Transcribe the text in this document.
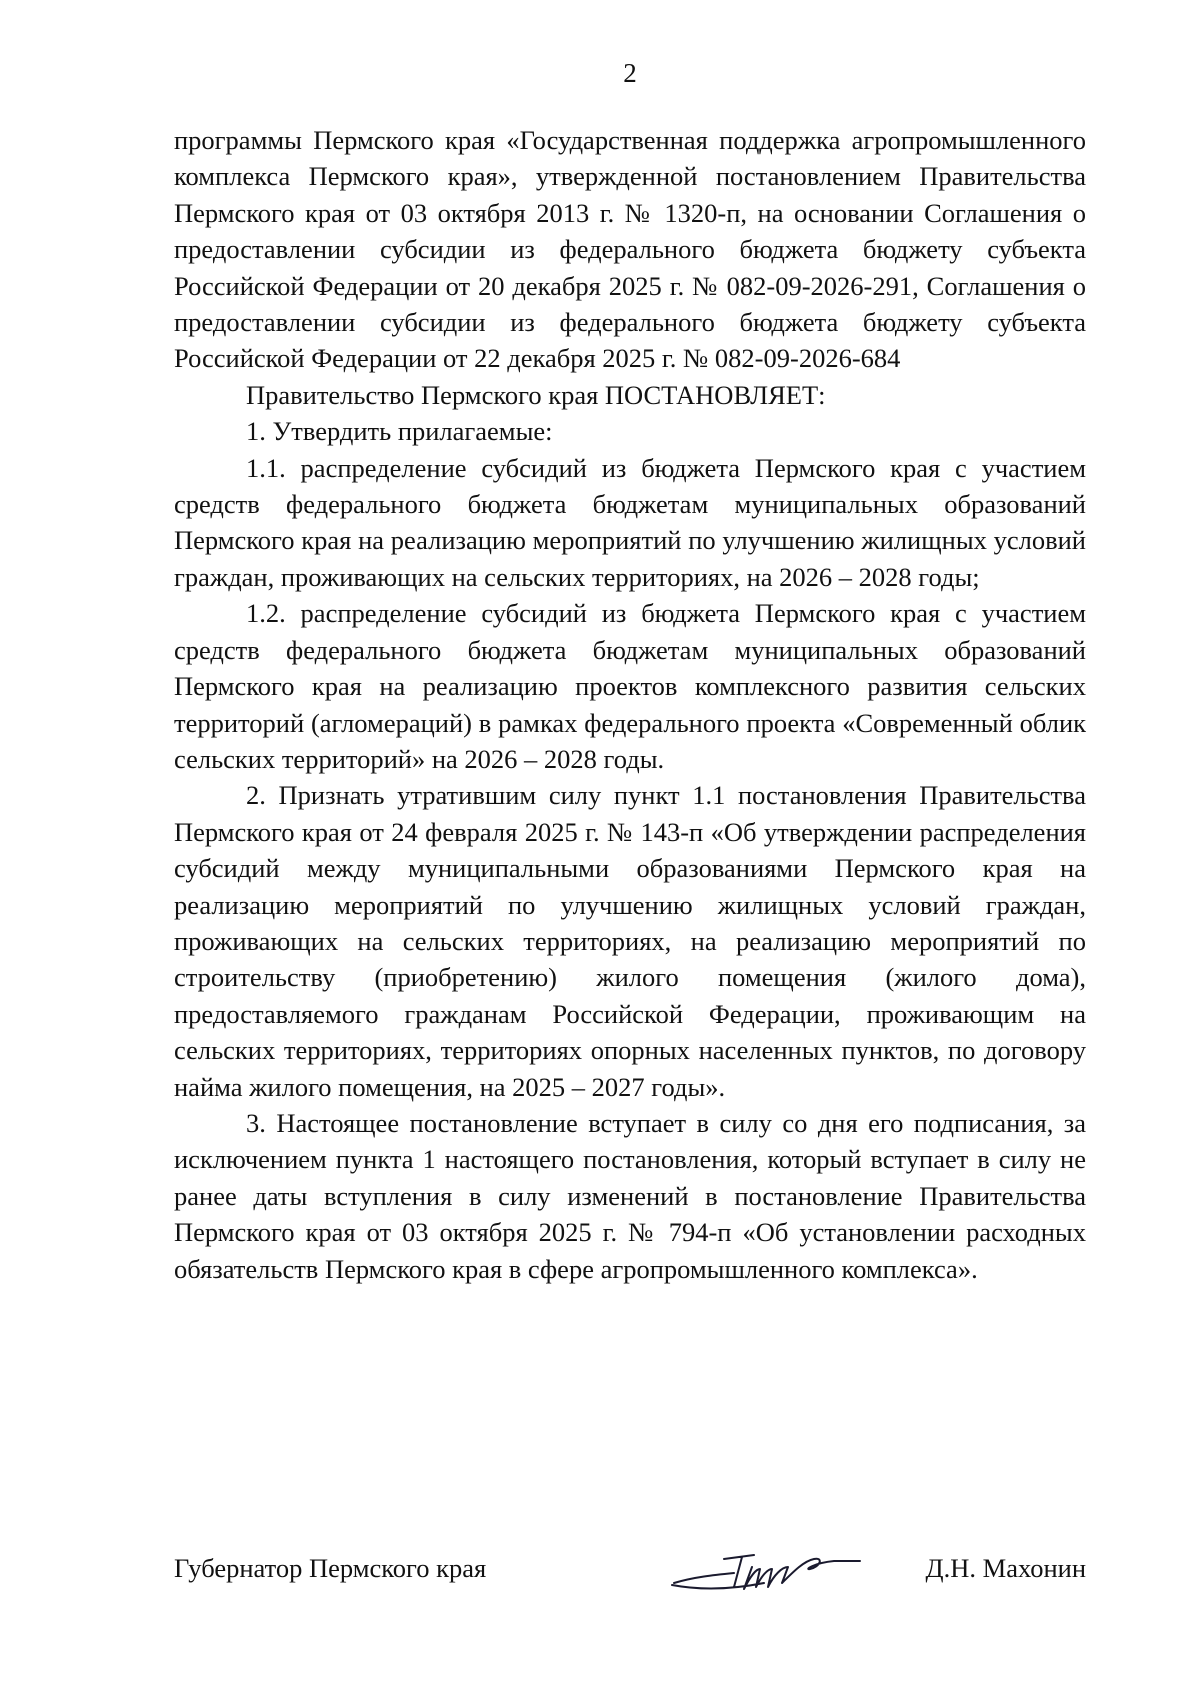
2

программы Пермского края «Государственная поддержка агропромышленного комплекса Пермского края», утвержденной постановлением Правительства Пермского края от 03 октября 2013 г. № 1320-п, на основании Соглашения о предоставлении субсидии из федерального бюджета бюджету субъекта Российской Федерации от 20 декабря 2025 г. № 082-09-2026-291, Соглашения о предоставлении субсидии из федерального бюджета бюджету субъекта Российской Федерации от 22 декабря 2025 г. № 082-09-2026-684

Правительство Пермского края ПОСТАНОВЛЯЕТ:

1. Утвердить прилагаемые:

1.1. распределение субсидий из бюджета Пермского края с участием средств федерального бюджета бюджетам муниципальных образований Пермского края на реализацию мероприятий по улучшению жилищных условий граждан, проживающих на сельских территориях, на 2026 – 2028 годы;

1.2. распределение субсидий из бюджета Пермского края с участием средств федерального бюджета бюджетам муниципальных образований Пермского края на реализацию проектов комплексного развития сельских территорий (агломераций) в рамках федерального проекта «Современный облик сельских территорий» на 2026 – 2028 годы.

2. Признать утратившим силу пункт 1.1 постановления Правительства Пермского края от 24 февраля 2025 г. № 143-п «Об утверждении распределения субсидий между муниципальными образованиями Пермского края на реализацию мероприятий по улучшению жилищных условий граждан, проживающих на сельских территориях, на реализацию мероприятий по строительству (приобретению) жилого помещения (жилого дома), предоставляемого гражданам Российской Федерации, проживающим на сельских территориях, территориях опорных населенных пунктов, по договору найма жилого помещения, на 2025 – 2027 годы».

3. Настоящее постановление вступает в силу со дня его подписания, за исключением пункта 1 настоящего постановления, который вступает в силу не ранее даты вступления в силу изменений в постановление Правительства Пермского края от 03 октября 2025 г. № 794-п «Об установлении расходных обязательств Пермского края в сфере агропромышленного комплекса».

Губернатор Пермского края	Д.Н. Махонин
